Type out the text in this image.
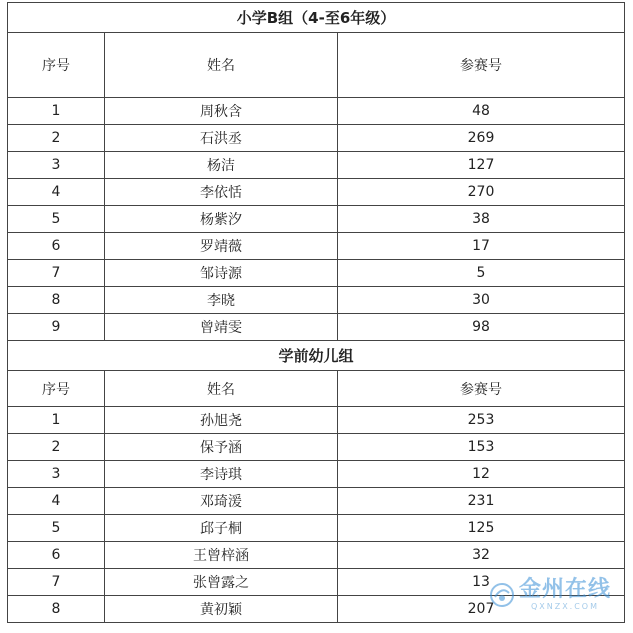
小学B组（4-至6年级）		
序号	姓名	参赛号
1	周秋含	48
2	石洪丞	269
3	杨洁	127
4	李依恬	270
5	杨紫汐	38
6	罗靖薇	17
7	邹诗源	5
8	李晓	30
9	曾靖雯	98
学前幼儿组		
序号	姓名	参赛号
1	孙旭尧	253
2	保予涵	153
3	李诗琪	12
4	邓琦湲	231
5	邱子桐	125
6	王曾梓涵	32
7	张曾露之	13
8	黄初颖	207
金州在线
QXNZX.COM
